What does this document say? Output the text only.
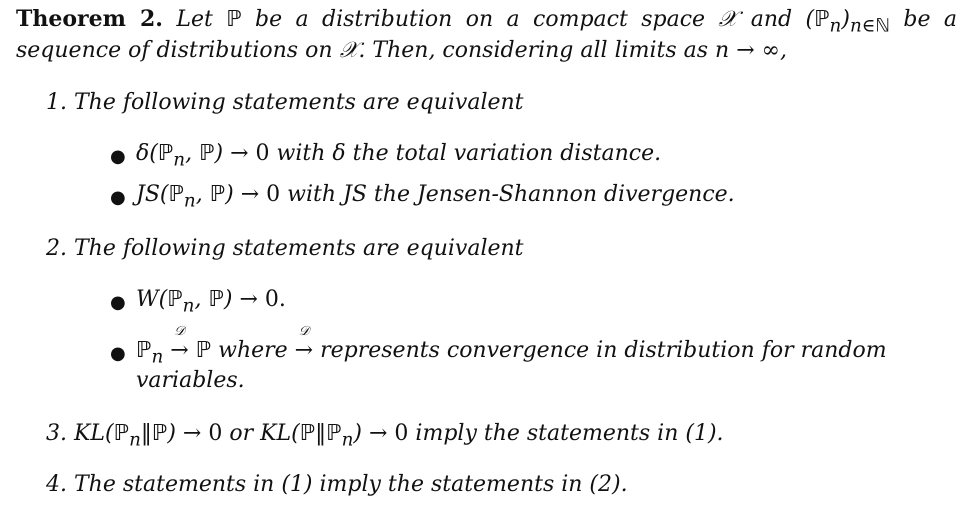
Theorem 2. Let ℙ be a distribution on a compact space 𝒳 and $(ℙ_n)_{n\in ℕ}$ be a
sequence of distributions on 𝒳. Then, considering all limits as n → ∞,
1. The following statements are equivalent
● δ(ℙ$_n$, ℙ) → 0 with δ the total variation distance.
● JS(ℙ$_n$, ℙ) → 0 with JS the Jensen-Shannon divergence.
2. The following statements are equivalent
● W(ℙ$_n$, ℙ) → 0.
● ℙ$_n$
𝒟
→ ℙ where
𝒟
→ represents convergence in distribution for random
variables.
3. KL(ℙ$_n$‖ℙ) → 0 or KL(ℙ‖ℙ$_n$) → 0 imply the statements in (1).
4. The statements in (1) imply the statements in (2).
